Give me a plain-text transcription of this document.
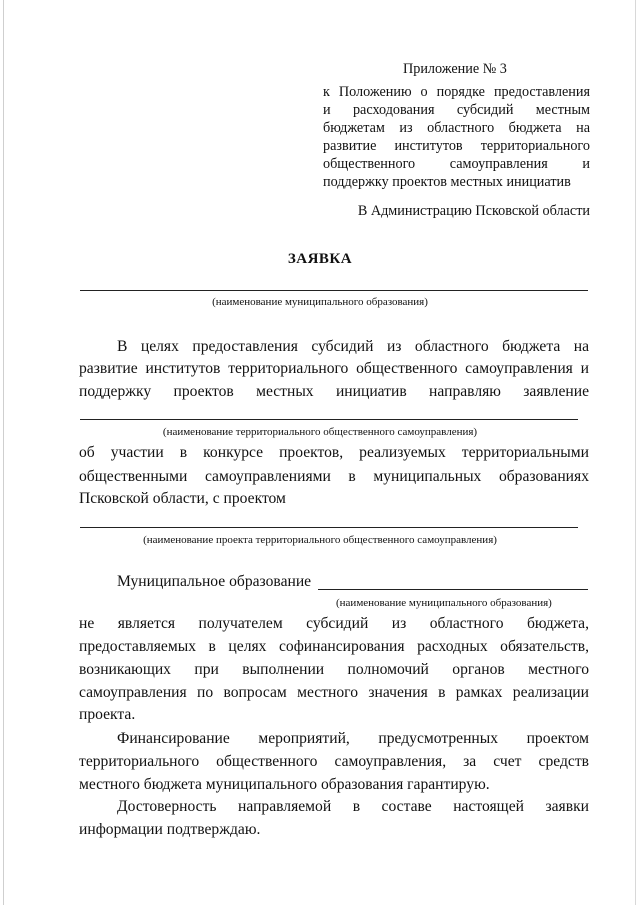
Приложение № 3
к Положению о порядке предоставления
и расходования субсидий местным
бюджетам из областного бюджета на
развитие институтов территориального
общественного самоуправления и
поддержку проектов местных инициатив
В Администрацию Псковской области
ЗАЯВКА
(наименование муниципального образования)
В целях предоставления субсидий из областного бюджета на
развитие институтов территориального общественного самоуправления и
поддержку проектов местных инициатив направляю заявление
(наименование территориального общественного самоуправления)
об участии в конкурсе проектов, реализуемых территориальными
общественными самоуправлениями в муниципальных образованиях
Псковской области, с проектом
(наименование проекта территориального общественного самоуправления)
Муниципальное образование
(наименование муниципального образования)
не является получателем субсидий из областного бюджета,
предоставляемых в целях софинансирования расходных обязательств,
возникающих при выполнении полномочий органов местного
самоуправления по вопросам местного значения в рамках реализации
проекта.
Финансирование мероприятий, предусмотренных проектом
территориального общественного самоуправления, за счет средств
местного бюджета муниципального образования гарантирую.
Достоверность направляемой в составе настоящей заявки
информации подтверждаю.
